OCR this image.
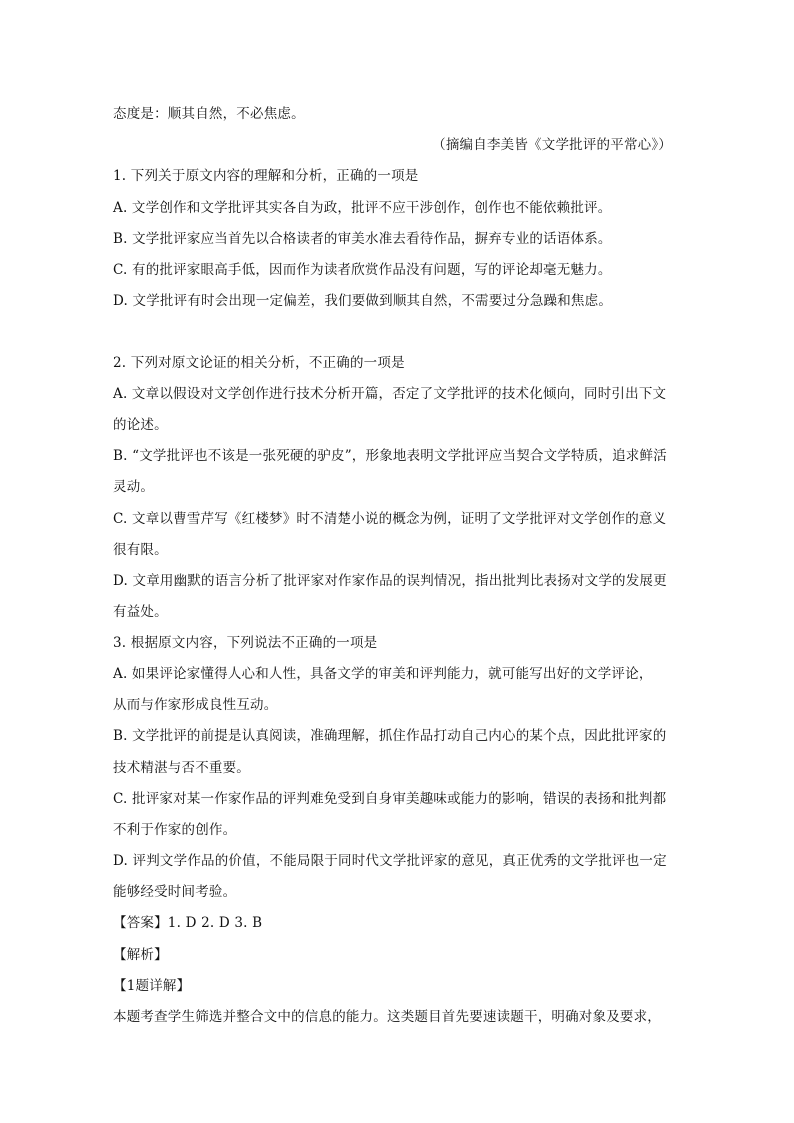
态度是：顺其自然，不必焦虑。
（摘编自李美皆《文学批评的平常心》）
1. 下列关于原文内容的理解和分析，正确的一项是
A. 文学创作和文学批评其实各自为政，批评不应干涉创作，创作也不能依赖批评。
B. 文学批评家应当首先以合格读者的审美水准去看待作品，摒弃专业的话语体系。
C. 有的批评家眼高手低，因而作为读者欣赏作品没有问题，写的评论却毫无魅力。
D. 文学批评有时会出现一定偏差，我们要做到顺其自然，不需要过分急躁和焦虑。
2. 下列对原文论证的相关分析，不正确的一项是
A. 文章以假设对文学创作进行技术分析开篇，否定了文学批评的技术化倾向，同时引出下文
的论述。
B. “文学批评也不该是一张死硬的驴皮”，形象地表明文学批评应当契合文学特质，追求鲜活
灵动。
C. 文章以曹雪芹写《红楼梦》时不清楚小说的概念为例，证明了文学批评对文学创作的意义
很有限。
D. 文章用幽默的语言分析了批评家对作家作品的误判情况，指出批判比表扬对文学的发展更
有益处。
3. 根据原文内容，下列说法不正确的一项是
A. 如果评论家懂得人心和人性，具备文学的审美和评判能力，就可能写出好的文学评论，
从而与作家形成良性互动。
B. 文学批评的前提是认真阅读，准确理解，抓住作品打动自己内心的某个点，因此批评家的
技术精湛与否不重要。
C. 批评家对某一作家作品的评判难免受到自身审美趣味或能力的影响，错误的表扬和批判都
不利于作家的创作。
D. 评判文学作品的价值，不能局限于同时代文学批评家的意见，真正优秀的文学批评也一定
能够经受时间考验。
【答案】1. D 2. D 3. B
【解析】
【1题详解】
本题考查学生筛选并整合文中的信息的能力。这类题目首先要速读题干，明确对象及要求，
